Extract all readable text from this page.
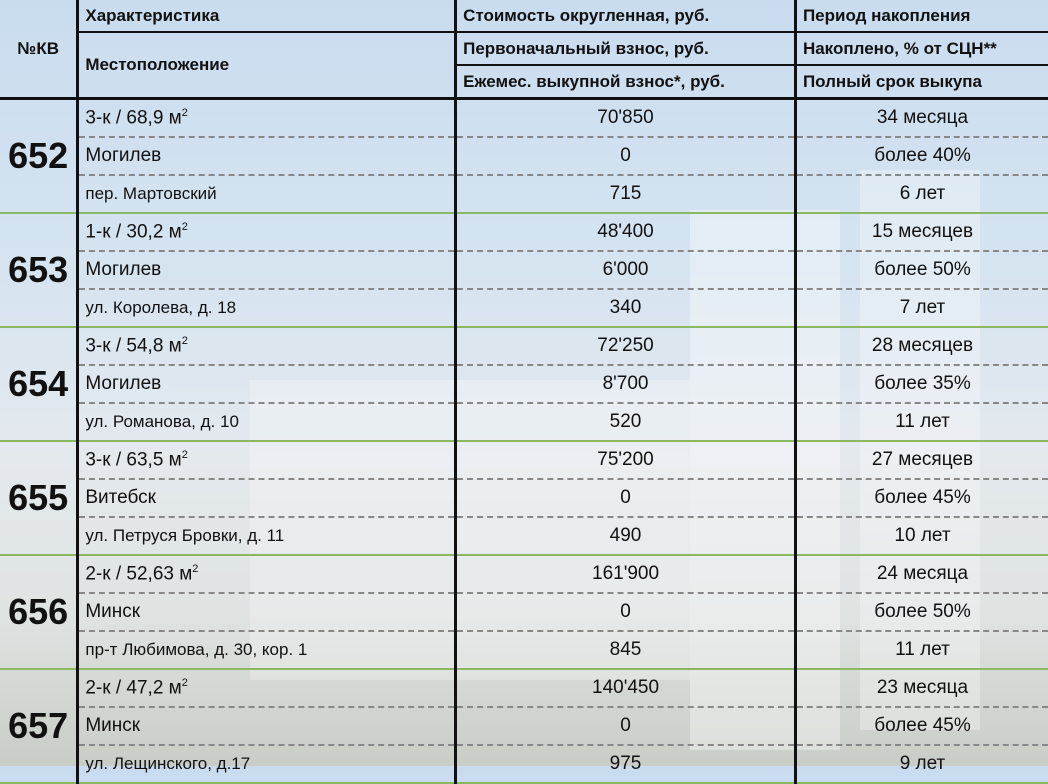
№КВ	Характеристика	Стоимость округленная, руб.	Период накопления
	Местоположение	Первоначальный взнос, руб.	Накоплено, % от СЦН**
		Ежемес. выкупной взнос*, руб.	Полный срок выкупа
652	3-к / 68,9 $м^2$	70'850	34 месяца
	Могилев	0	более 40%
	пер. Мартовский	715	6 лет
653	1-к / 30,2 $м^2$	48'400	15 месяцев
	Могилев	6'000	более 50%
	ул. Королева, д. 18	340	7 лет
654	3-к / 54,8 $м^2$	72'250	28 месяцев
	Могилев	8'700	более 35%
	ул. Романова, д. 10	520	11 лет
655	3-к / 63,5 $м^2$	75'200	27 месяцев
	Витебск	0	более 45%
	ул. Петруся Бровки, д. 11	490	10 лет
656	2-к / 52,63 $м^2$	161'900	24 месяца
	Минск	0	более 50%
	пр-т Любимова, д. 30, кор. 1	845	11 лет
657	2-к / 47,2 $м^2$	140'450	23 месяца
	Минск	0	более 45%
	ул. Лещинского, д.17	975	9 лет
